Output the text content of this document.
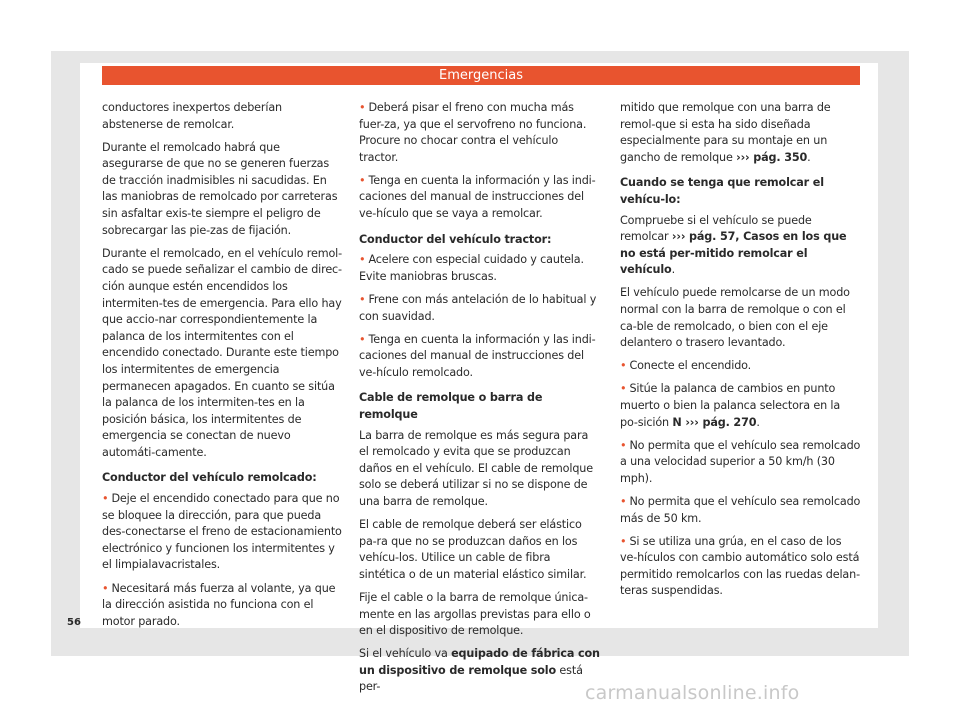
Emergencias

conductores inexpertos deberían abstenerse de remolcar.

Durante el remolcado habrá que asegurarse de que no se generen fuerzas de tracción inadmisibles ni sacudidas. En las maniobras de remolcado por carreteras sin asfaltar exis-te siempre el peligro de sobrecargar las pie-zas de fijación.

Durante el remolcado, en el vehículo remol-cado se puede señalizar el cambio de direc-ción aunque estén encendidos los intermiten-tes de emergencia. Para ello hay que accio-nar correspondientemente la palanca de los intermitentes con el encendido conectado. Durante este tiempo los intermitentes de emergencia permanecen apagados. En cuanto se sitúa la palanca de los intermiten-tes en la posición básica, los intermitentes de emergencia se conectan de nuevo automáti-camente.

Conductor del vehículo remolcado:
• Deje el encendido conectado para que no se bloquee la dirección, para que pueda des-conectarse el freno de estacionamiento electrónico y funcionen los intermitentes y el limpialavacristales.
• Necesitará más fuerza al volante, ya que la dirección asistida no funciona con el motor parado.
• Deberá pisar el freno con mucha más fuer-za, ya que el servofreno no funciona. Procure no chocar contra el vehículo tractor.
• Tenga en cuenta la información y las indi-caciones del manual de instrucciones del ve-hículo que se vaya a remolcar.
Conductor del vehículo tractor:
• Acelere con especial cuidado y cautela. Evite maniobras bruscas.
• Frene con más antelación de lo habitual y con suavidad.
• Tenga en cuenta la información y las indi-caciones del manual de instrucciones del ve-hículo remolcado.
Cable de remolque o barra de remolque

La barra de remolque es más segura para el remolcado y evita que se produzcan daños en el vehículo. El cable de remolque solo se deberá utilizar si no se dispone de una barra de remolque.

El cable de remolque deberá ser elástico pa-ra que no se produzcan daños en los vehícu-los. Utilice un cable de fibra sintética o de un material elástico similar.

Fije el cable o la barra de remolque única-mente en las argollas previstas para ello o en el dispositivo de remolque.

Si el vehículo va equipado de fábrica con un dispositivo de remolque solo está per-

mitido que remolque con una barra de remol-que si esta ha sido diseñada especialmente para su montaje en un gancho de remolque ››› pág. 350.

Cuando se tenga que remolcar el vehícu-lo:

Compruebe si el vehículo se puede remolcar ››› pág. 57, Casos en los que no está per-mitido remolcar el vehículo.

El vehículo puede remolcarse de un modo normal con la barra de remolque o con el ca-ble de remolcado, o bien con el eje delantero o trasero levantado.

• Conecte el encendido.
• Sitúe la palanca de cambios en punto muerto o bien la palanca selectora en la po-sición N ››› pág. 270.
• No permita que el vehículo sea remolcado a una velocidad superior a 50 km/h (30 mph).
• No permita que el vehículo sea remolcado más de 50 km.
• Si se utiliza una grúa, en el caso de los ve-hículos con cambio automático solo está permitido remolcarlos con las ruedas delan-teras suspendidas.
56
carmanualsonline.info
